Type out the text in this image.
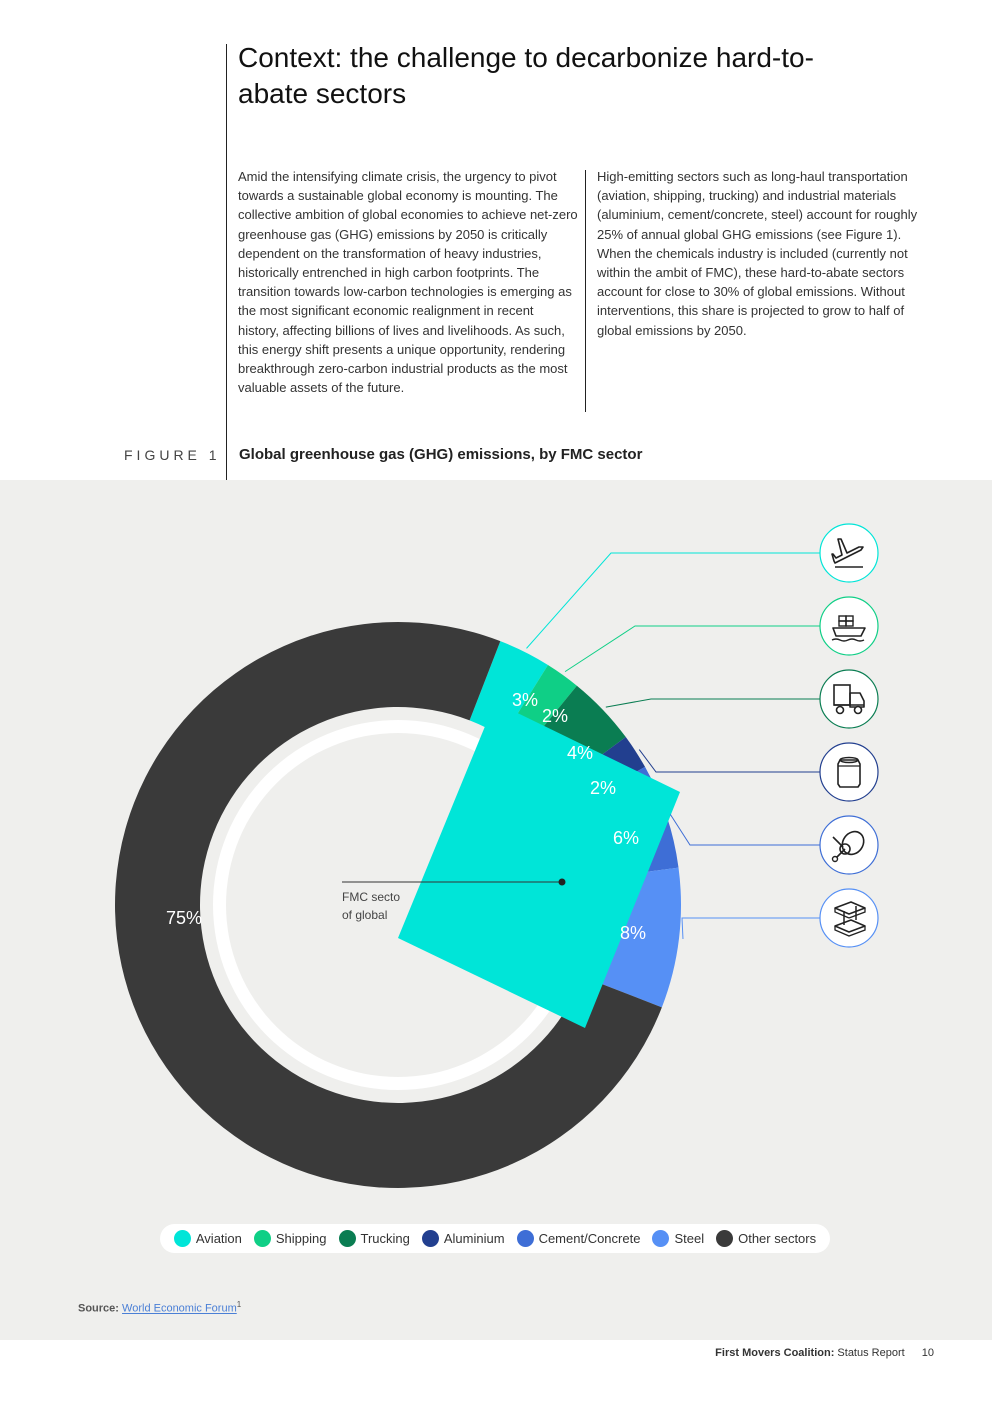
Context: the challenge to decarbonize hard-to-abate sectors
Amid the intensifying climate crisis, the urgency to pivot towards a sustainable global economy is mounting. The collective ambition of global economies to achieve net-zero greenhouse gas (GHG) emissions by 2050 is critically dependent on the transformation of heavy industries, historically entrenched in high carbon footprints. The transition towards low-carbon technologies is emerging as the most significant economic realignment in recent history, affecting billions of lives and livelihoods. As such, this energy shift presents a unique opportunity, rendering breakthrough zero-carbon industrial products as the most valuable assets of the future.
High-emitting sectors such as long-haul transportation (aviation, shipping, trucking) and industrial materials (aluminium, cement/concrete, steel) account for roughly 25% of annual global GHG emissions (see Figure 1). When the chemicals industry is included (currently not within the ambit of FMC), these hard-to-abate sectors account for close to 30% of global emissions. Without interventions, this share is projected to grow to half of global emissions by 2050.
FIGURE 1 Global greenhouse gas (GHG) emissions, by FMC sector
FMC secto
of global
3%
2%
4%
2%
6%
8%
75%
Aviation	Shipping	Trucking	Aluminium	Cement/Concrete	Steel	Other sectors
Source: World Economic Forum$^1$
First Movers Coalition: Status Report 10
